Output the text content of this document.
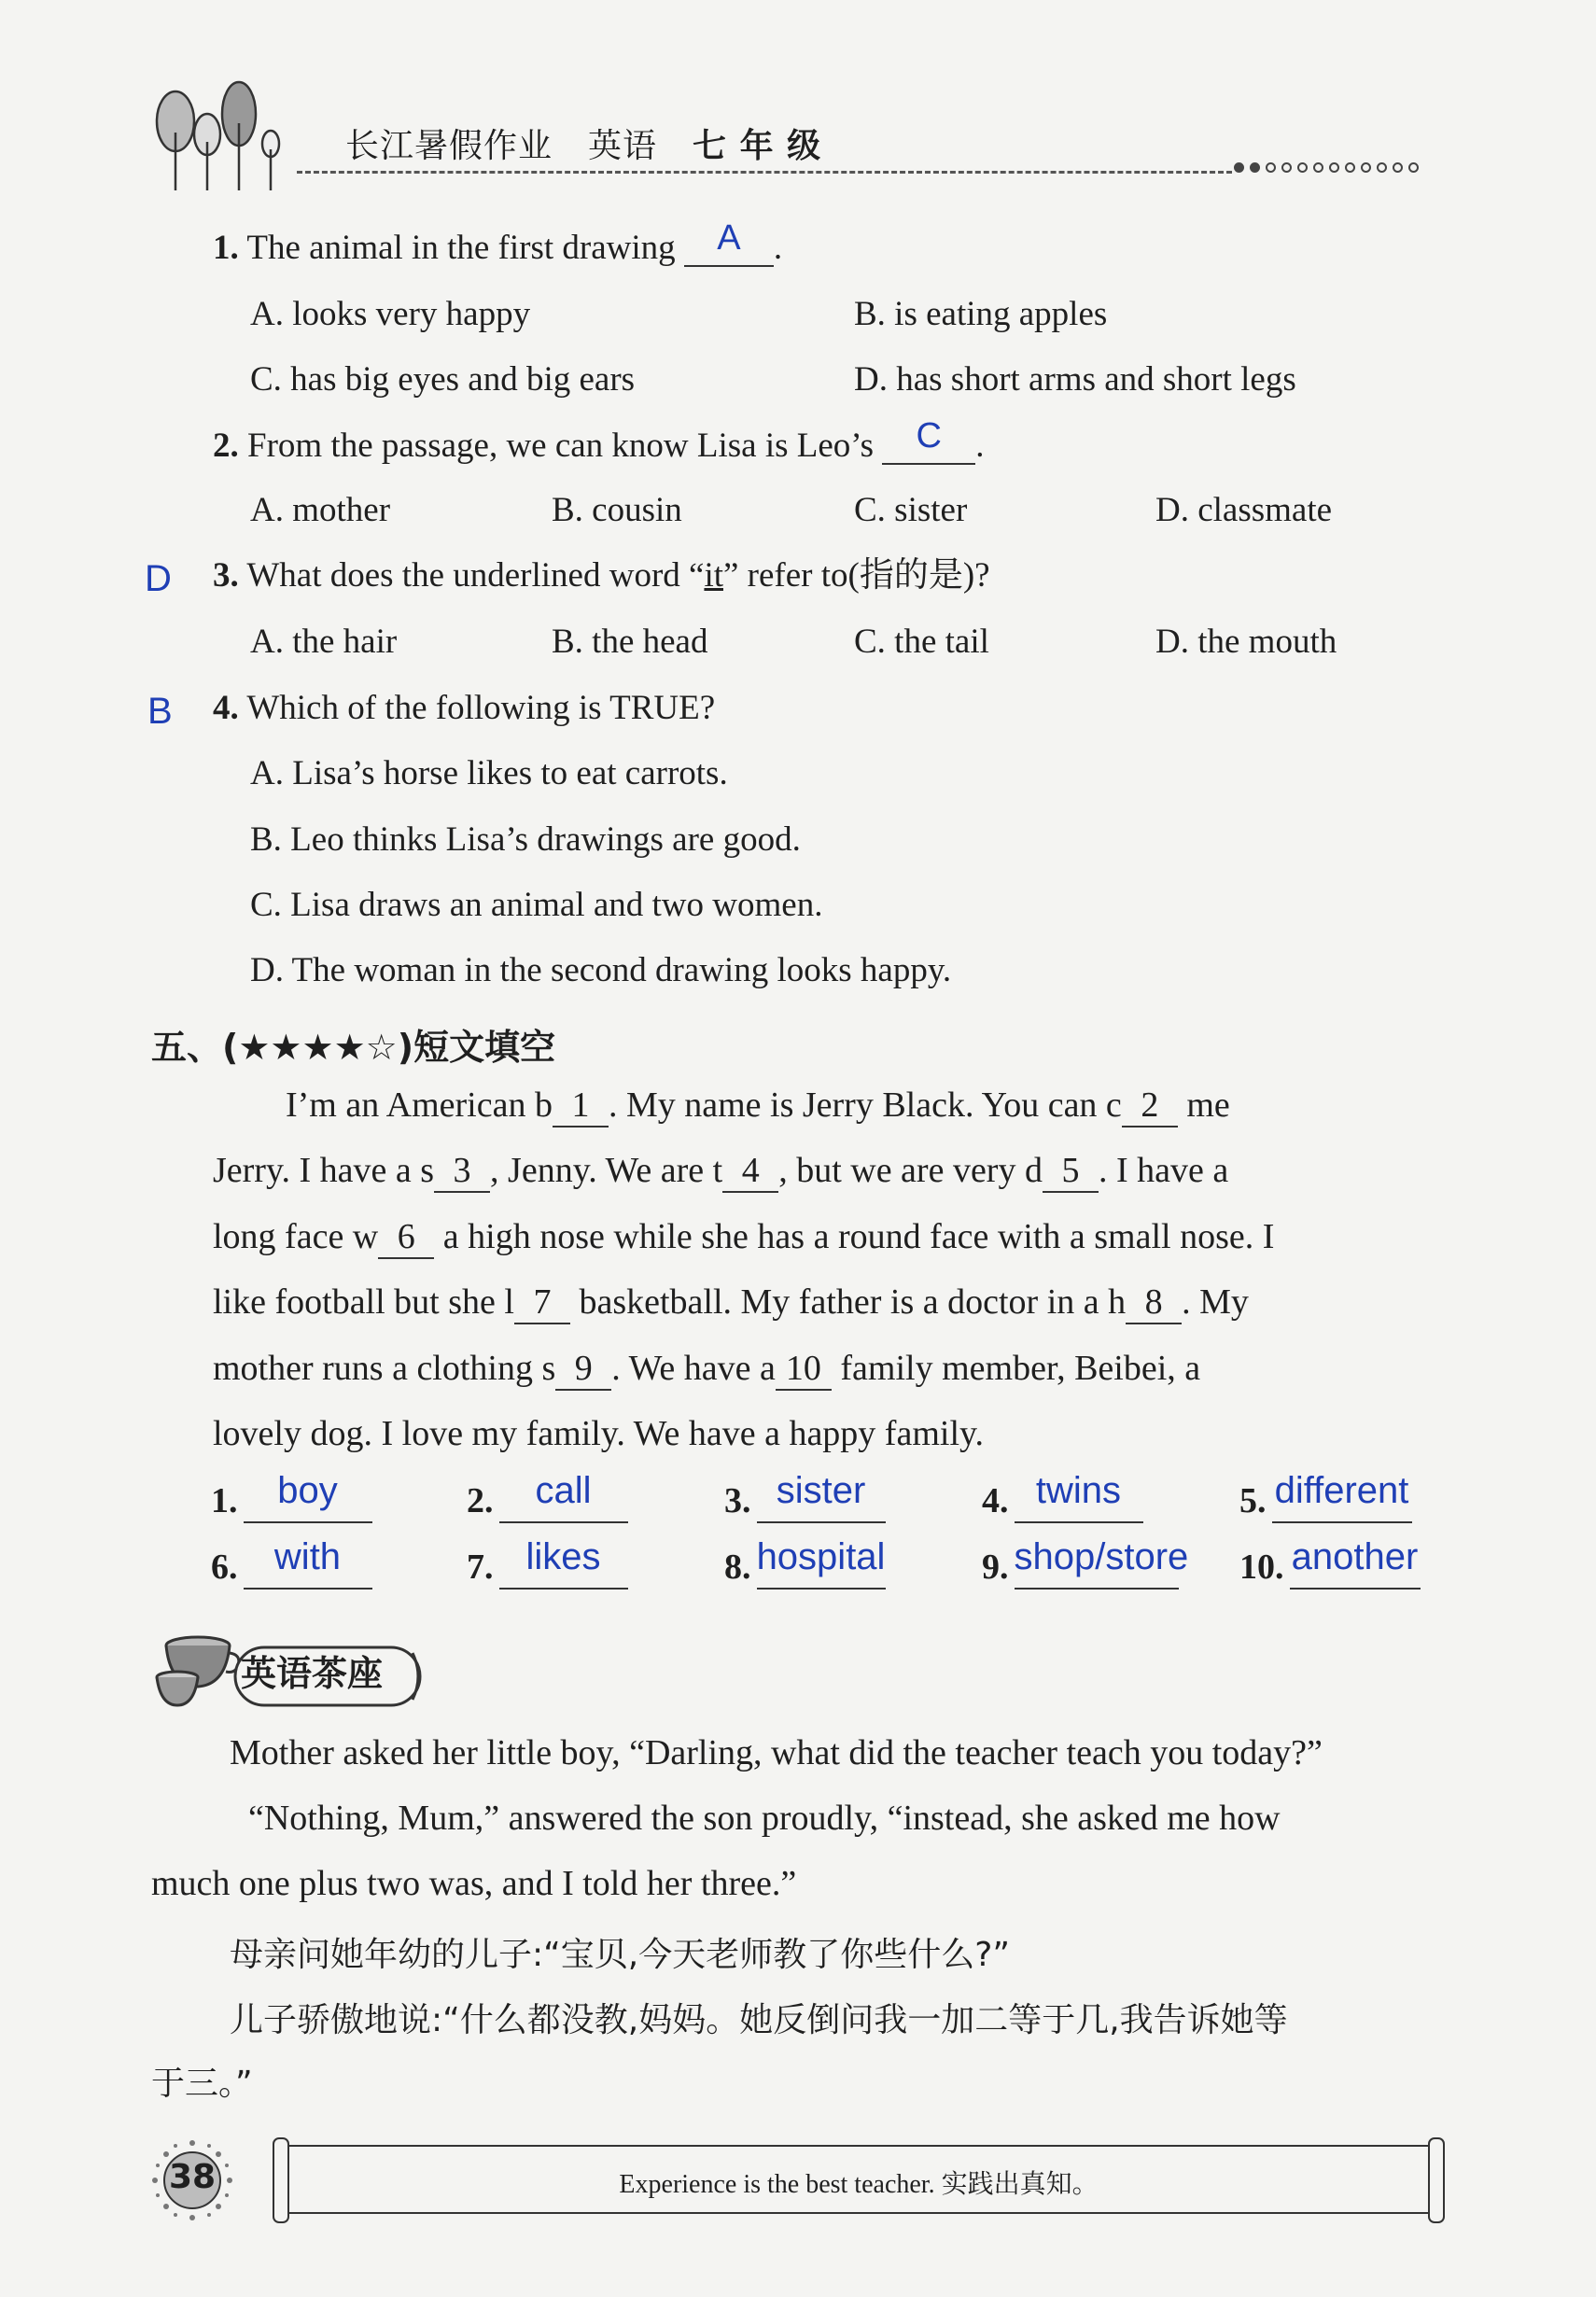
长江暑假作业 英语 七 年 级
1. The animal in the first drawing A .
A. looks very happy	B. is eating apples
C. has big eyes and big ears	D. has short arms and short legs
2. From the passage, we can know Lisa is Leo’s C .
A. mother	B. cousin	C. sister	D. classmate
D 3. What does the underlined word “it” refer to(指的是)?
A. the hair	B. the head	C. the tail	D. the mouth
B 4. Which of the following is TRUE?
A. Lisa’s horse likes to eat carrots.
B. Leo thinks Lisa’s drawings are good.
C. Lisa draws an animal and two women.
D. The woman in the second drawing looks happy.
五、(★★★★☆)短文填空
I’m an American b 1 . My name is Jerry Black. You can c 2 me
Jerry. I have a s 3 , Jenny. We are t 4 , but we are very d 5 . I have a
long face w 6 a high nose while she has a round face with a small nose. I
like football but she l 7 basketball. My father is a doctor in a h 8 . My
mother runs a clothing s 9 . We have a 10 family member, Beibei, a
lovely dog. I love my family. We have a happy family.
1. boy	2. call	3. sister	4. twins	5. different
6. with	7. likes	8. hospital	9. shop/store 10. another
英语茶座
Mother asked her little boy, “Darling, what did the teacher teach you today?”
“Nothing, Mum,” answered the son proudly, “instead, she asked me how
much one plus two was, and I told her three.”
母亲问她年幼的儿子:“宝贝,今天老师教了你些什么?”
儿子骄傲地说:“什么都没教,妈妈。她反倒问我一加二等于几,我告诉她等
于三。”
38	Experience is the best teacher. 实践出真知。
